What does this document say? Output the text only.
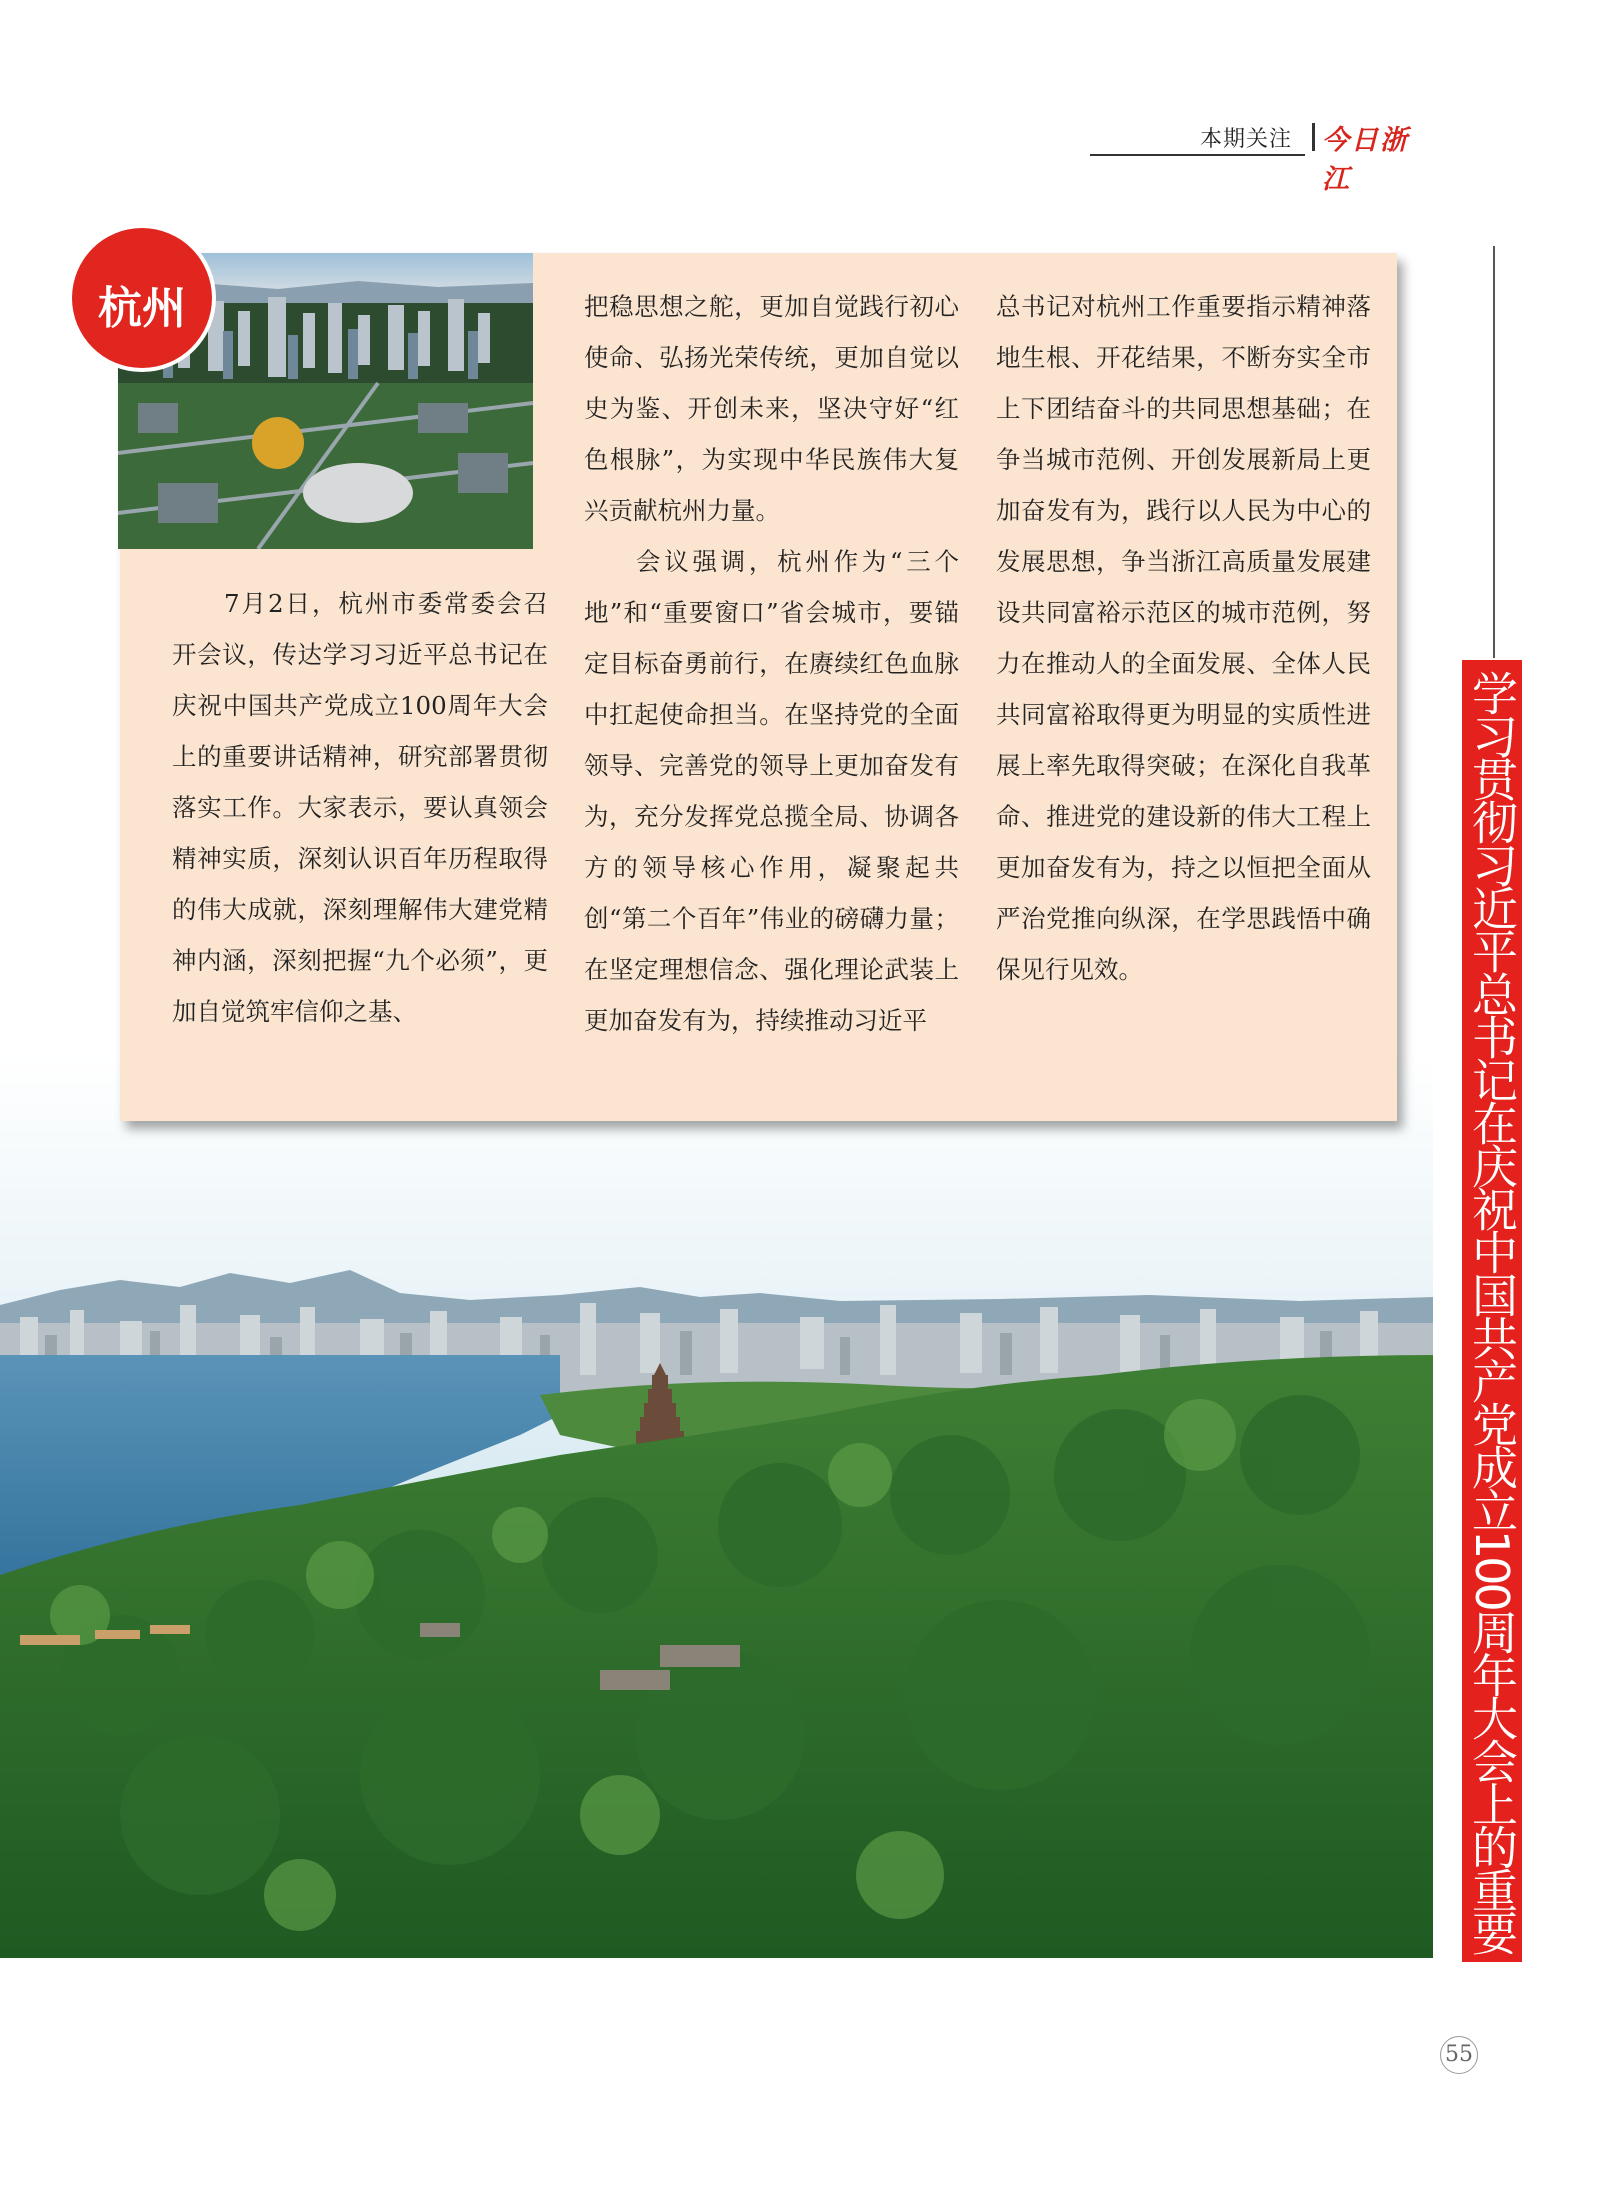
本期关注 今日浙江
学习贯彻习近平总书记在庆祝中国共产党成立100周年大会上的重要
杭州

7月2日，杭州市委常委会召开会议，传达学习习近平总书记在庆祝中国共产党成立100周年大会上的重要讲话精神，研究部署贯彻落实工作。大家表示，要认真领会精神实质，深刻认识百年历程取得的伟大成就，深刻理解伟大建党精神内涵，深刻把握“九个必须”，更加自觉筑牢信仰之基、

把稳思想之舵，更加自觉践行初心使命、弘扬光荣传统，更加自觉以史为鉴、开创未来，坚决守好“红色根脉”，为实现中华民族伟大复兴贡献杭州力量。

会议强调，杭州作为“三个地”和“重要窗口”省会城市，要锚定目标奋勇前行，在赓续红色血脉中扛起使命担当。在坚持党的全面领导、完善党的领导上更加奋发有为，充分发挥党总揽全局、协调各方的领导核心作用，凝聚起共创“第二个百年”伟业的磅礴力量；在坚定理想信念、强化理论武装上更加奋发有为，持续推动习近平

总书记对杭州工作重要指示精神落地生根、开花结果，不断夯实全市上下团结奋斗的共同思想基础；在争当城市范例、开创发展新局上更加奋发有为，践行以人民为中心的发展思想，争当浙江高质量发展建设共同富裕示范区的城市范例，努力在推动人的全面发展、全体人民共同富裕取得更为明显的实质性进展上率先取得突破；在深化自我革命、推进党的建设新的伟大工程上更加奋发有为，持之以恒把全面从严治党推向纵深，在学思践悟中确保见行见效。

55
